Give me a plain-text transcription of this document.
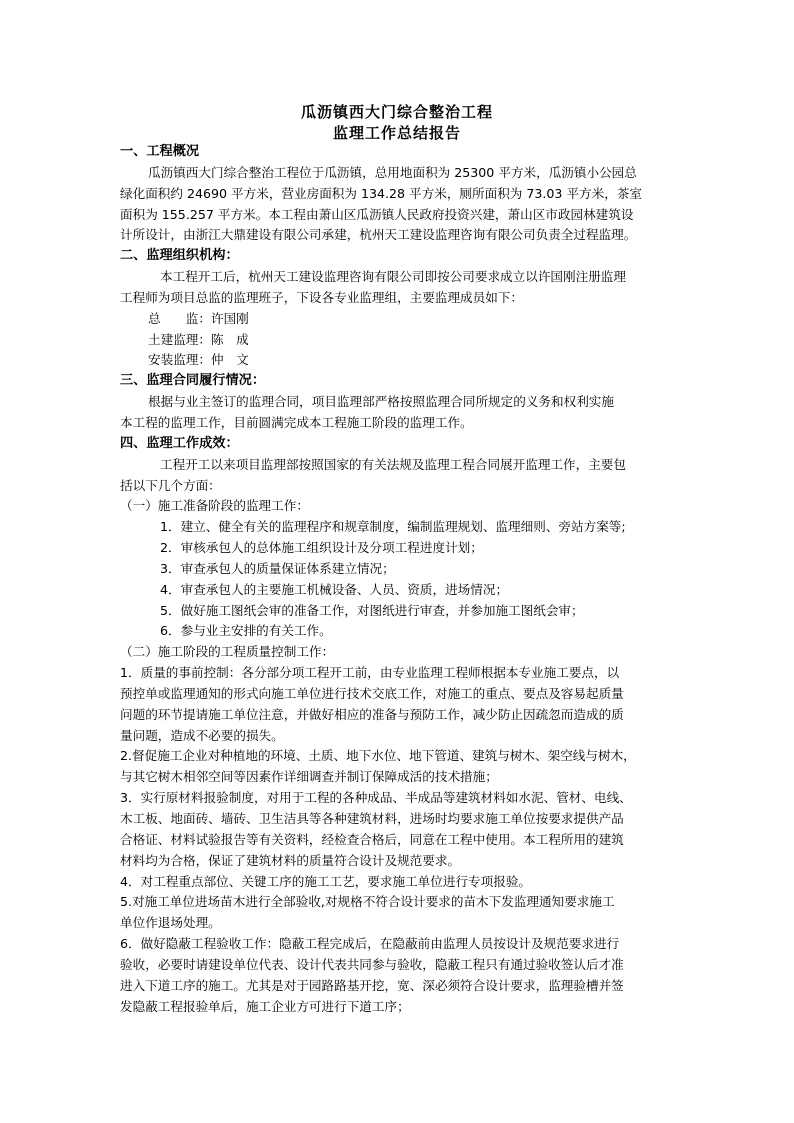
瓜沥镇西大门综合整治工程
监理工作总结报告
一、工程概况
瓜沥镇西大门综合整治工程位于瓜沥镇，总用地面积为 25300 平方米，瓜沥镇小公园总
绿化面积约 24690 平方米，营业房面积为 134.28 平方米，厕所面积为 73.03 平方米，茶室
面积为 155.257 平方米。本工程由萧山区瓜沥镇人民政府投资兴建，萧山区市政园林建筑设
计所设计，由浙江大鼎建设有限公司承建，杭州天工建设监理咨询有限公司负责全过程监理。
二、监理组织机构：
本工程开工后，杭州天工建设监理咨询有限公司即按公司要求成立以许国刚注册监理
工程师为项目总监的监理班子，下设各专业监理组，主要监理成员如下：
总　　监：许国刚
土建监理：陈　成
安装监理：仲　文
三、监理合同履行情况：
根据与业主签订的监理合同，项目监理部严格按照监理合同所规定的义务和权利实施
本工程的监理工作，目前圆满完成本工程施工阶段的监理工作。
四、监理工作成效：
工程开工以来项目监理部按照国家的有关法规及监理工程合同展开监理工作，主要包
括以下几个方面：
（一）施工准备阶段的监理工作：
1．建立、健全有关的监理程序和规章制度，编制监理规划、监理细则、旁站方案等;
2．审核承包人的总体施工组织设计及分项工程进度计划；
3．审查承包人的质量保证体系建立情况；
4．审查承包人的主要施工机械设备、人员、资质，进场情况；
5．做好施工图纸会审的准备工作，对图纸进行审查，并参加施工图纸会审；
6．参与业主安排的有关工作。
（二）施工阶段的工程质量控制工作：
1．质量的事前控制：各分部分项工程开工前，由专业监理工程师根据本专业施工要点，以
预控单或监理通知的形式向施工单位进行技术交底工作，对施工的重点、要点及容易起质量
问题的环节提请施工单位注意，并做好相应的准备与预防工作，减少防止因疏忽而造成的质
量问题，造成不必要的损失。
2.督促施工企业对种植地的环境、土质、地下水位、地下管道、建筑与树木、架空线与树木，
与其它树木相邻空间等因素作详细调查并制订保障成活的技术措施；
3．实行原材料报验制度，对用于工程的各种成品、半成品等建筑材料如水泥、管材、电线、
木工板、地面砖、墙砖、卫生洁具等各种建筑材料，进场时均要求施工单位按要求提供产品
合格证、材料试验报告等有关资料，经检查合格后，同意在工程中使用。本工程所用的建筑
材料均为合格，保证了建筑材料的质量符合设计及规范要求。
4．对工程重点部位、关键工序的施工工艺，要求施工单位进行专项报验。
5.对施工单位进场苗木进行全部验收,对规格不符合设计要求的苗木下发监理通知要求施工
单位作退场处理。
6．做好隐蔽工程验收工作：隐蔽工程完成后，在隐蔽前由监理人员按设计及规范要求进行
验收，必要时请建设单位代表、设计代表共同参与验收，隐蔽工程只有通过验收签认后才准
进入下道工序的施工。尤其是对于园路路基开挖，宽、深必须符合设计要求，监理验槽并签
发隐蔽工程报验单后，施工企业方可进行下道工序；
